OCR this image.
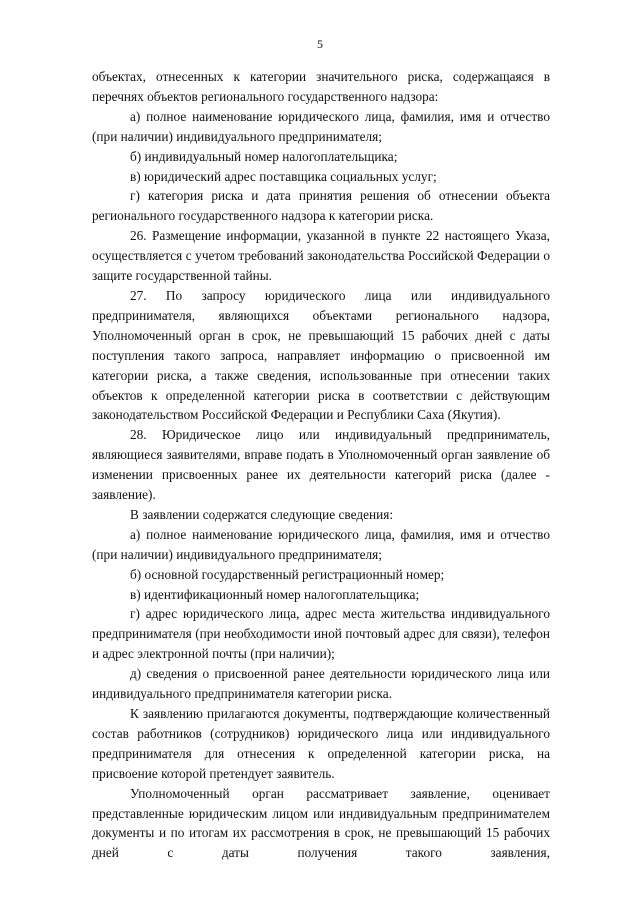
5

объектах, отнесенных к категории значительного риска, содержащаяся в перечнях объектов регионального государственного надзора:

а) полное наименование юридического лица, фамилия, имя и отчество (при наличии) индивидуального предпринимателя;

б) индивидуальный номер налогоплательщика;

в) юридический адрес поставщика социальных услуг;

г) категория риска и дата принятия решения об отнесении объекта регионального государственного надзора к категории риска.

26. Размещение информации, указанной в пункте 22 настоящего Указа, осуществляется с учетом требований законодательства Российской Федерации о защите государственной тайны.

27. По запросу юридического лица или индивидуального предпринимателя, являющихся объектами регионального надзора, Уполномоченный орган в срок, не превышающий 15 рабочих дней с даты поступления такого запроса, направляет информацию о присвоенной им категории риска, а также сведения, использованные при отнесении таких объектов к определенной категории риска в соответствии с действующим законодательством Российской Федерации и Республики Саха (Якутия).

28. Юридическое лицо или индивидуальный предприниматель, являющиеся заявителями, вправе подать в Уполномоченный орган заявление об изменении присвоенных ранее их деятельности категорий риска (далее - заявление).

В заявлении содержатся следующие сведения:

а) полное наименование юридического лица, фамилия, имя и отчество (при наличии) индивидуального предпринимателя;

б) основной государственный регистрационный номер;

в) идентификационный номер налогоплательщика;

г) адрес юридического лица, адрес места жительства индивидуального предпринимателя (при необходимости иной почтовый адрес для связи), телефон и адрес электронной почты (при наличии);

д) сведения о присвоенной ранее деятельности юридического лица или индивидуального предпринимателя категории риска.

К заявлению прилагаются документы, подтверждающие количественный состав работников (сотрудников) юридического лица или индивидуального предпринимателя для отнесения к определенной категории риска, на присвоение которой претендует заявитель.

Уполномоченный орган рассматривает заявление, оценивает представленные юридическим лицом или индивидуальным предпринимателем документы и по итогам их рассмотрения в срок, не превышающий 15 рабочих дней с даты получения такого заявления,
